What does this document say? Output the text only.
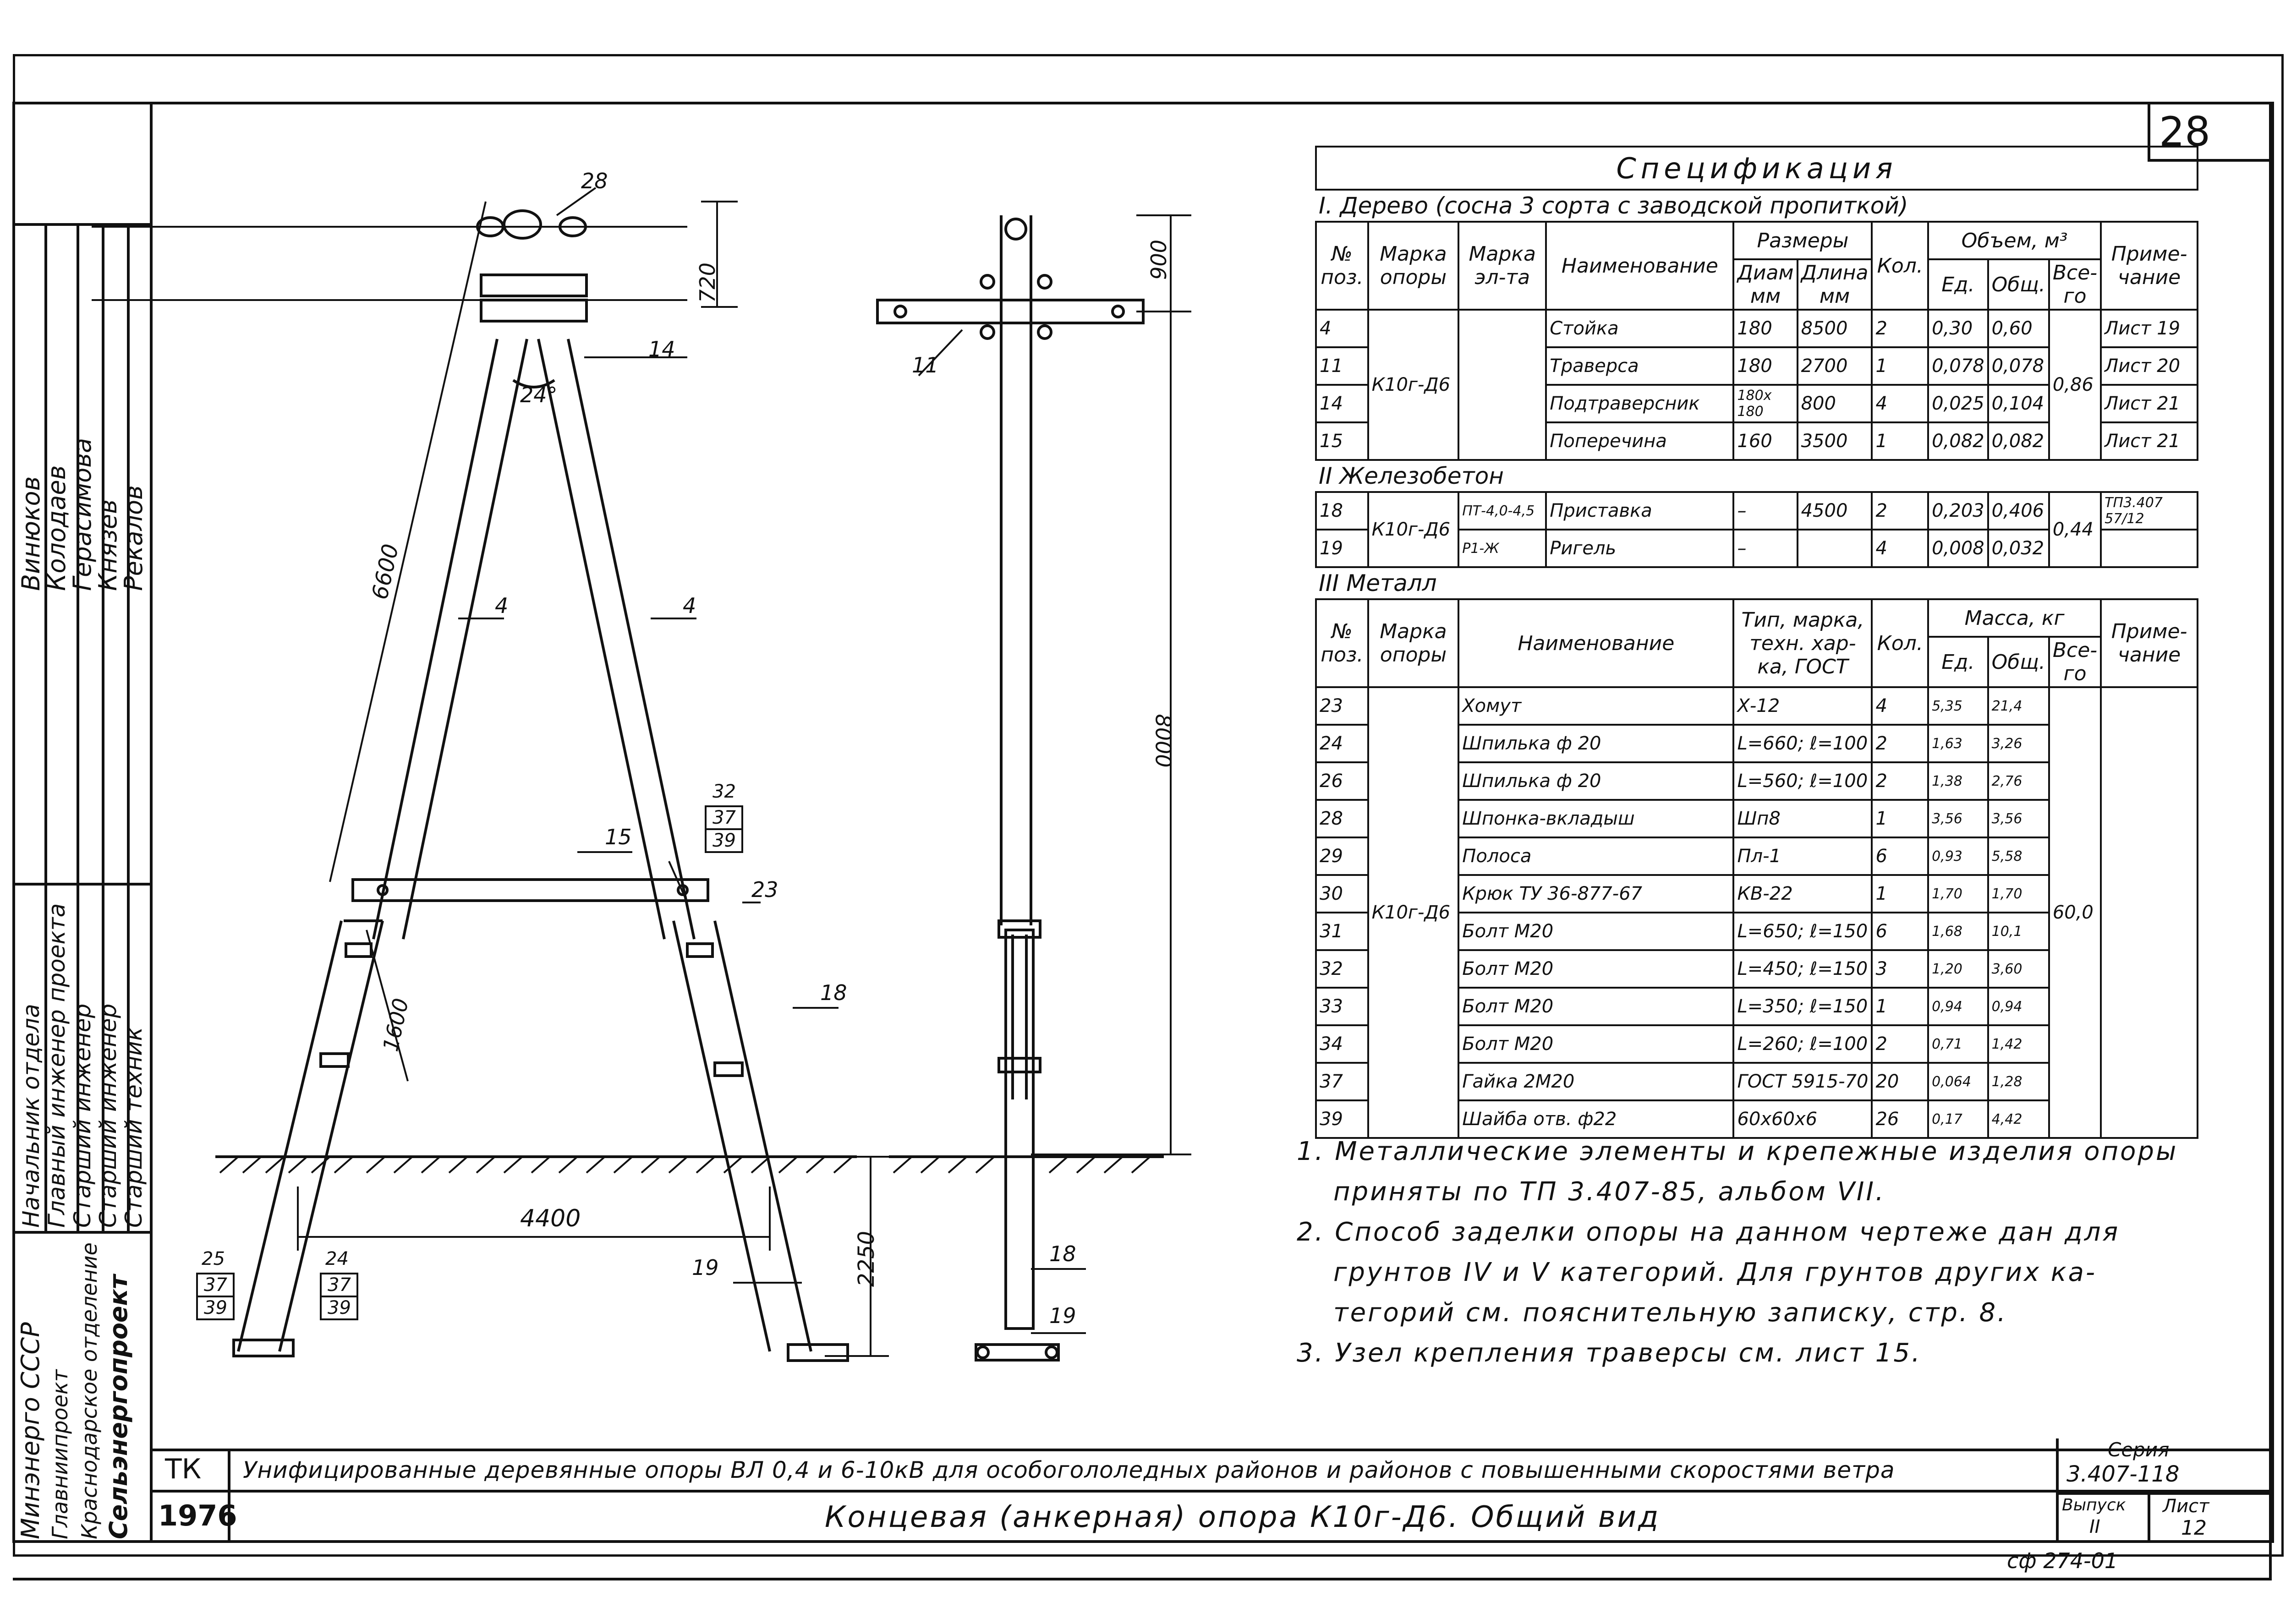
28
Минэнерго СССР Главниипроект Краснодарское отделение Сельэнергопроект
Начальник отдела
Главный инженер проекта
Старший инженер
Старший инженер
Старший техник
Винюков
Колодаев
Герасимова
Князев
Рекалов
720
6600
24°
4400
1600
2250
28
14
4	4
15
32
37
39
23
18
19
25
37
39
24
37
39
900
8000
11
18
19
Спецификация										
I. Дерево (сосна 3 сорта с заводской пропиткой)										
№ поз.	Марка опоры	Марка эл-та	Наименование	Размеры		Кол.	Объем, м³			Приме-чание
				Диам мм	Длина мм		Ед.	Общ.	Все-го	
4	К10г-Д6		Стойка	180	8500	2	0,30	0,60	0,86	Лист 19
11			Траверса	180	2700	1	0,078	0,078		Лист 20
14			Подтраверсник	180x 180	800	4	0,025	0,104		Лист 21
15			Поперечина	160	3500	1	0,082	0,082		Лист 21
II Железобетон										
18	К10г-Д6	ПТ-4,0-4,5	Приставка	–	4500	2	0,203	0,406	0,44	ТП3.407 57/12
19		Р1-Ж	Ригель	–		4	0,008	0,032		
III Металл										
№ поз.	Марка опоры	Наименование		Тип, марка, техн. хар-ка, ГОСТ		Кол.	Масса, кг			Приме-чание
							Ед.	Общ.	Все-го	
23	К10г-Д6	Хомут		Х-12		4	5,35	21,4	60,0	
24		Шпилька ф 20		L=660; ℓ=100		2	1,63	3,26		
26		Шпилька ф 20		L=560; ℓ=100		2	1,38	2,76		
28		Шпонка-вкладыш		Шп8		1	3,56	3,56		
29		Полоса		Пл-1		6	0,93	5,58		
30		Крюк ТУ 36-877-67		КВ-22		1	1,70	1,70		
31		Болт М20		L=650; ℓ=150		6	1,68	10,1		
32		Болт М20		L=450; ℓ=150		3	1,20	3,60		
33		Болт М20		L=350; ℓ=150		1	0,94	0,94		
34		Болт М20		L=260; ℓ=100		2	0,71	1,42		
37		Гайка 2М20		ГОСТ 5915-70		20	0,064	1,28		
39		Шайба отв. ф22		60х60х6		26	0,17	4,42		
1. Металлические элементы и крепежные изделия опоры
приняты по ТП 3.407-85, альбом VII.
2. Способ заделки опоры на данном чертеже дан для
грунтов IV и V категорий. Для грунтов других ка-
тегорий см. пояснительную записку, стр. 8.
3. Узел крепления траверсы см. лист 15.
ТК
1976
Унифицированные деревянные опоры ВЛ 0,4 и 6-10кВ для особогололедных районов и районов с повышенными скоростями ветра
Концевая (анкерная) опора К10г-Д6. Общий вид
Серия
3.407-118
Выпуск
II
Лист
12
сф 274-01
